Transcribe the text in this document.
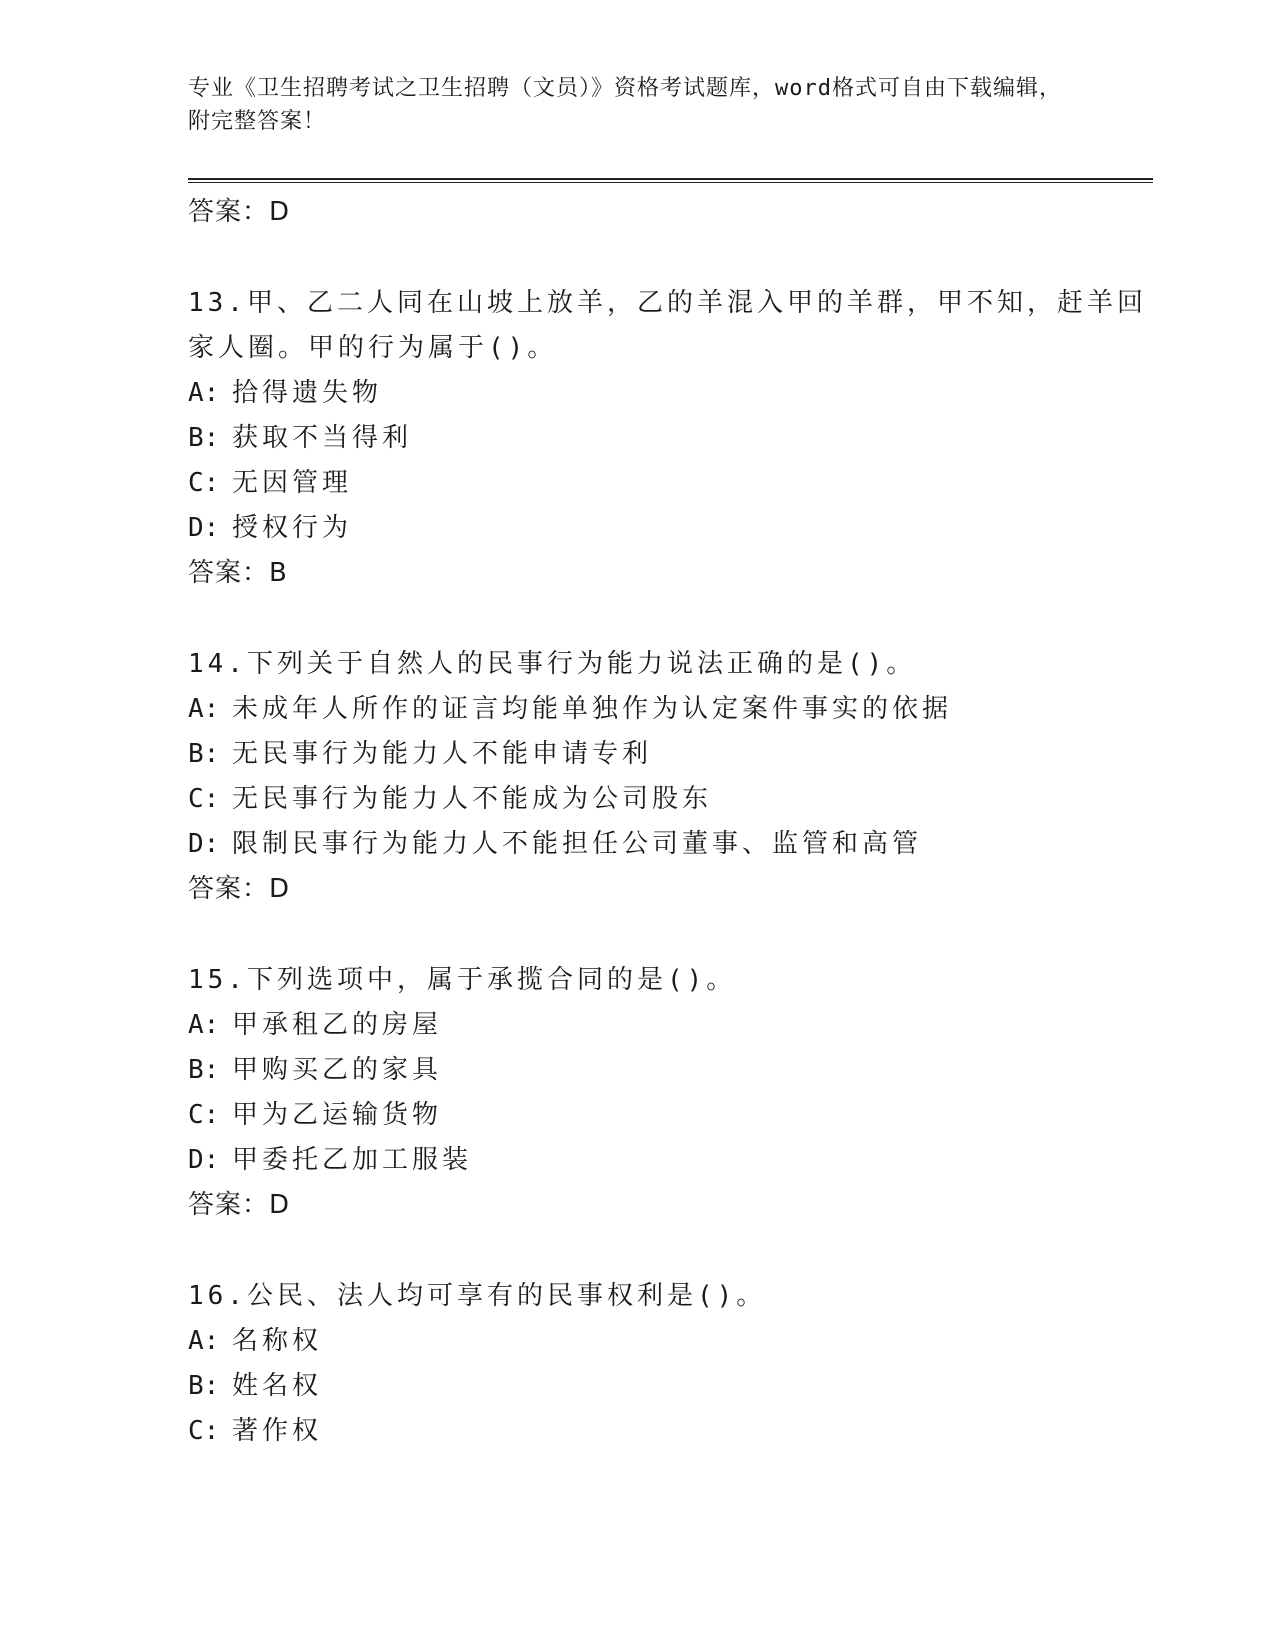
专业《卫生招聘考试之卫生招聘（文员）》资格考试题库，word格式可自由下载编辑，附完整答案！
答案：D

13.甲、乙二人同在山坡上放羊，乙的羊混入甲的羊群，甲不知，赶羊回家人圈。甲的行为属于()。

A: 拾得遗失物
B: 获取不当得利
C: 无因管理
D: 授权行为
答案：B

14.下列关于自然人的民事行为能力说法正确的是()。

A: 未成年人所作的证言均能单独作为认定案件事实的依据
B: 无民事行为能力人不能申请专利
C: 无民事行为能力人不能成为公司股东
D: 限制民事行为能力人不能担任公司董事、监管和高管
答案：D

15.下列选项中，属于承揽合同的是()。

A: 甲承租乙的房屋
B: 甲购买乙的家具
C: 甲为乙运输货物
D: 甲委托乙加工服装
答案：D

16.公民、法人均可享有的民事权利是()。

A: 名称权
B: 姓名权
C: 著作权
